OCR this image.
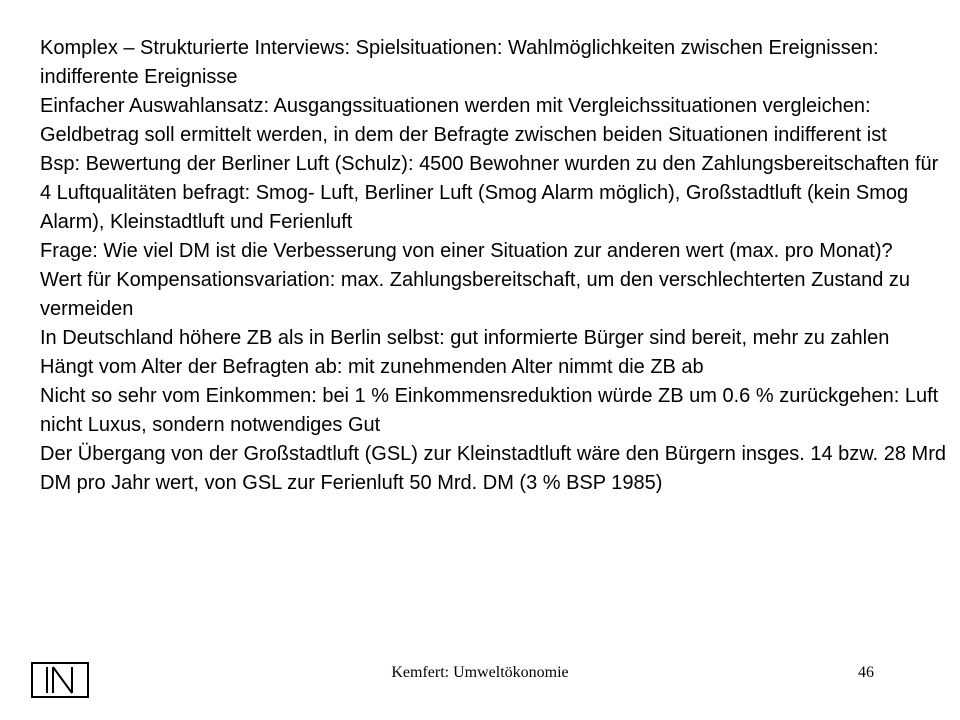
Komplex – Strukturierte Interviews: Spielsituationen: Wahlmöglichkeiten zwischen Ereignissen: indifferente Ereignisse

Einfacher Auswahlansatz: Ausgangssituationen werden mit Vergleichssituationen vergleichen: Geldbetrag soll ermittelt werden, in dem der Befragte zwischen beiden Situationen indifferent ist

Bsp: Bewertung der Berliner Luft (Schulz): 4500 Bewohner wurden zu den Zahlungsbereitschaften für 4 Luftqualitäten befragt: Smog- Luft, Berliner Luft (Smog Alarm möglich), Großstadtluft (kein Smog Alarm), Kleinstadtluft und Ferienluft

Frage: Wie viel DM ist die Verbesserung von einer Situation zur anderen wert (max. pro Monat)?

Wert für Kompensationsvariation: max. Zahlungsbereitschaft, um den verschlechterten Zustand zu vermeiden

In Deutschland höhere ZB als in Berlin selbst: gut informierte Bürger sind bereit, mehr zu zahlen

Hängt vom Alter der Befragten ab: mit zunehmenden Alter nimmt die ZB ab

Nicht so sehr vom Einkommen: bei 1 % Einkommensreduktion würde ZB um 0.6 % zurückgehen: Luft nicht Luxus, sondern notwendiges Gut

Der Übergang von der Großstadtluft (GSL) zur Kleinstadtluft wäre den Bürgern insges. 14 bzw. 28 Mrd DM pro Jahr wert, von GSL zur Ferienluft 50 Mrd. DM (3 % BSP 1985)

Kemfert: Umweltökonomie	46
